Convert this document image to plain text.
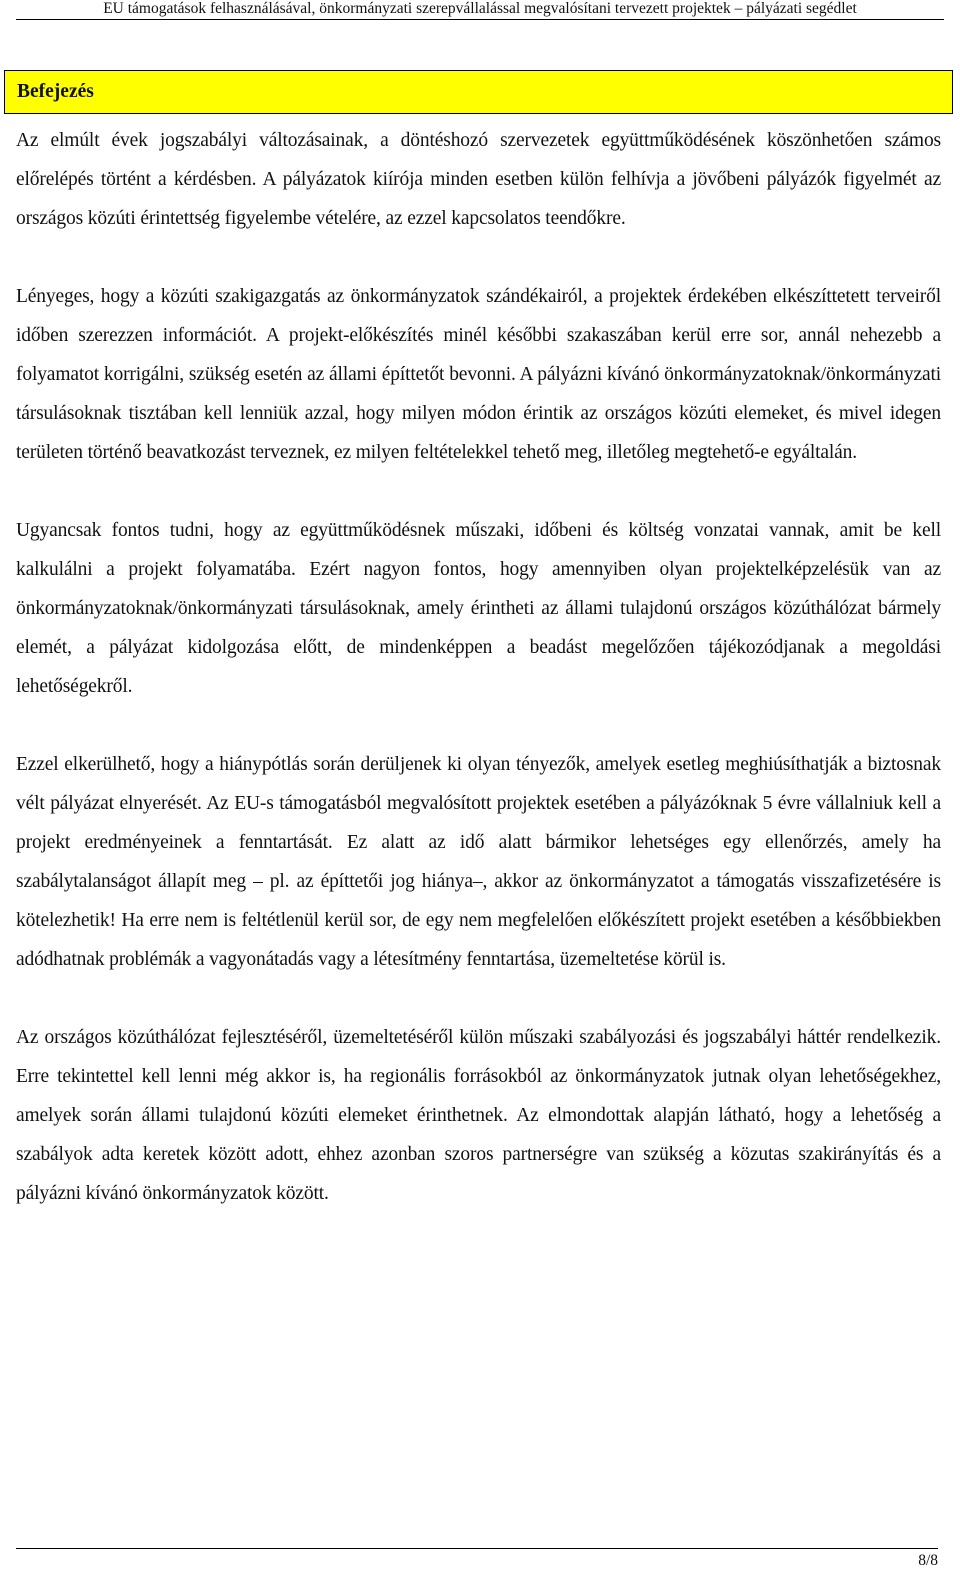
EU támogatások felhasználásával, önkormányzati szerepvállalással megvalósítani tervezett projektek – pályázati segédlet
Befejezés

Az elmúlt évek jogszabályi változásainak, a döntéshozó szervezetek együttműködésének köszönhetően számos előrelépés történt a kérdésben. A pályázatok kiírója minden esetben külön felhívja a jövőbeni pályázók figyelmét az országos közúti érintettség figyelembe vételére, az ezzel kapcsolatos teendőkre.

Lényeges, hogy a közúti szakigazgatás az önkormányzatok szándékairól, a projektek érdekében elkészíttetett terveiről időben szerezzen információt. A projekt-előkészítés minél későbbi szakaszában kerül erre sor, annál nehezebb a folyamatot korrigálni, szükség esetén az állami építtetőt bevonni. A pályázni kívánó önkormányzatoknak/önkormányzati társulásoknak tisztában kell lenniük azzal, hogy milyen módon érintik az országos közúti elemeket, és mivel idegen területen történő beavatkozást terveznek, ez milyen feltételekkel tehető meg, illetőleg megtehető-e egyáltalán.

Ugyancsak fontos tudni, hogy az együttműködésnek műszaki, időbeni és költség vonzatai vannak, amit be kell kalkulálni a projekt folyamatába. Ezért nagyon fontos, hogy amennyiben olyan projektelképzelésük van az önkormányzatoknak/önkormányzati társulásoknak, amely érintheti az állami tulajdonú országos közúthálózat bármely elemét, a pályázat kidolgozása előtt, de mindenképpen a beadást megelőzően tájékozódjanak a megoldási lehetőségekről.

Ezzel elkerülhető, hogy a hiánypótlás során derüljenek ki olyan tényezők, amelyek esetleg meghiúsíthatják a biztosnak vélt pályázat elnyerését. Az EU-s támogatásból megvalósított projektek esetében a pályázóknak 5 évre vállalniuk kell a projekt eredményeinek a fenntartását. Ez alatt az idő alatt bármikor lehetséges egy ellenőrzés, amely ha szabálytalanságot állapít meg – pl. az építtetői jog hiánya–, akkor az önkormányzatot a támogatás visszafizetésére is kötelezhetik! Ha erre nem is feltétlenül kerül sor, de egy nem megfelelően előkészített projekt esetében a későbbiekben adódhatnak problémák a vagyonátadás vagy a létesítmény fenntartása, üzemeltetése körül is.

Az országos közúthálózat fejlesztéséről, üzemeltetéséről külön műszaki szabályozási és jogszabályi háttér rendelkezik. Erre tekintettel kell lenni még akkor is, ha regionális forrásokból az önkormányzatok jutnak olyan lehetőségekhez, amelyek során állami tulajdonú közúti elemeket érinthetnek. Az elmondottak alapján látható, hogy a lehetőség a szabályok adta keretek között adott, ehhez azonban szoros partnerségre van szükség a közutas szakirányítás és a pályázni kívánó önkormányzatok között.

8/8
